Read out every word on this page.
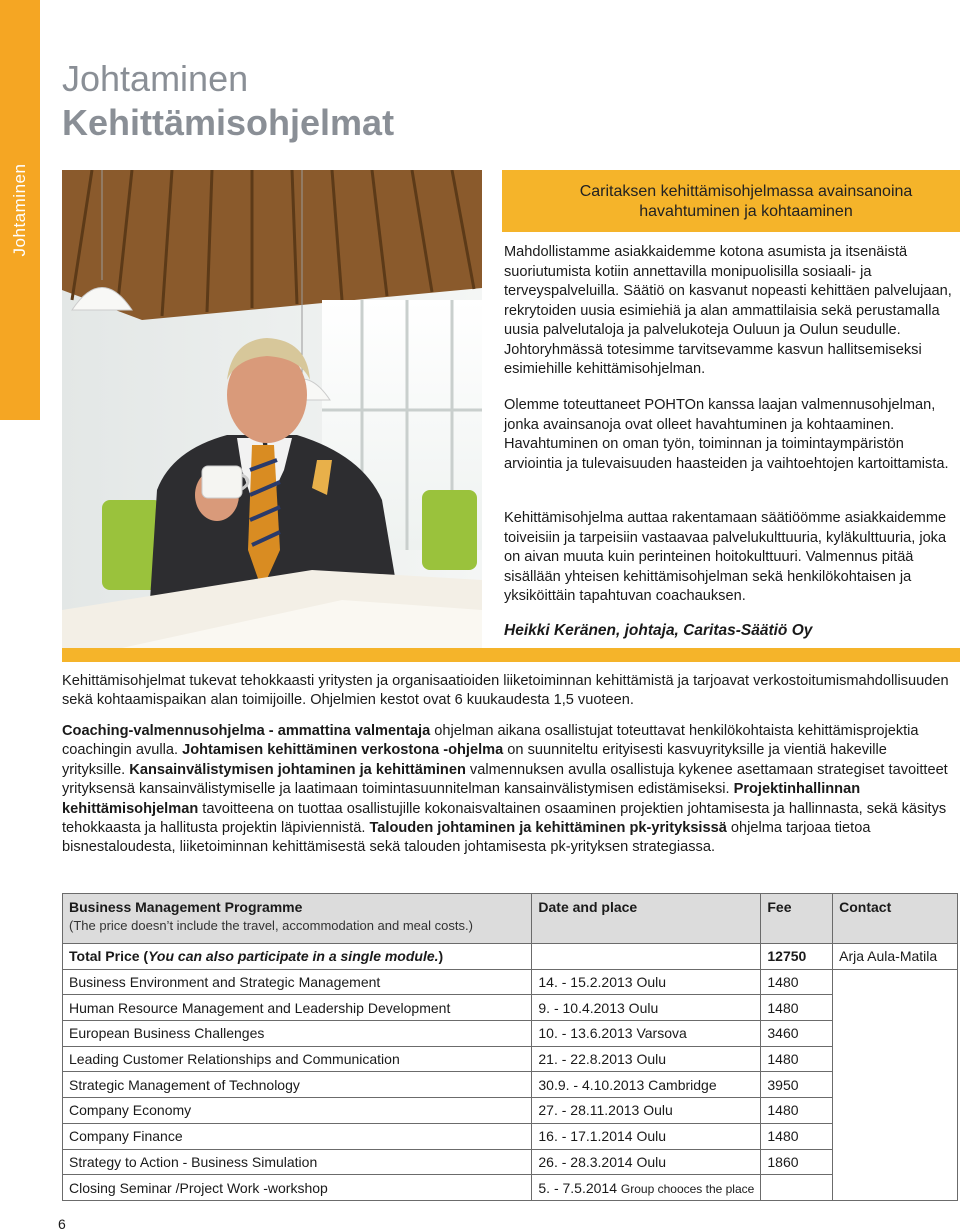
Johtaminen
Johtaminen
Kehittämisohjelmat

Caritaksen kehittämisohjelmassa avainsanoina havahtuminen ja kohtaaminen

Mahdollistamme asiakkaidemme kotona asumista ja itsenäistä suoriutumista kotiin annettavilla monipuolisilla sosiaali- ja terveyspalveluilla. Säätiö on kasvanut nopeasti kehittäen palvelujaan, rekrytoiden uusia esimiehiä ja alan ammattilaisia sekä perustamalla uusia palvelutaloja ja palvelukoteja Ouluun ja Oulun seudulle. Johtoryhmässä totesimme tarvitsevamme kasvun hallitsemiseksi esimiehille kehittämisohjelman.

Olemme toteuttaneet POHTOn kanssa laajan valmennusohjelman, jonka avainsanoja ovat olleet havahtuminen ja kohtaaminen. Havahtuminen on oman työn, toiminnan ja toimintaympäristön arviointia ja tulevaisuuden haasteiden ja vaihtoehtojen kartoittamista.

Kehittämisohjelma auttaa rakentamaan säätiöömme asiakkaidemme toiveisiin ja tarpeisiin vastaavaa palvelukulttuuria, kyläkulttuuria, joka on aivan muuta kuin perinteinen hoitokulttuuri. Valmennus pitää sisällään yhteisen kehittämisohjelman sekä henkilökohtaisen ja yksiköittäin tapahtuvan coachauksen.

Heikki Keränen, johtaja, Caritas-Säätiö Oy

Kehittämisohjelmat tukevat tehokkaasti yritysten ja organisaatioiden liiketoiminnan kehittämistä ja tarjoavat verkostoitumismahdollisuuden sekä kohtaamispaikan alan toimijoille. Ohjelmien kestot ovat 6 kuukaudesta 1,5 vuoteen.

Coaching-valmennusohjelma - ammattina valmentaja ohjelman aikana osallistujat toteuttavat henkilökohtaista kehittämisprojektia coachingin avulla. Johtamisen kehittäminen verkostona -ohjelma on suunniteltu erityisesti kasvuyrityksille ja vientiä hakeville yrityksille. Kansainvälistymisen johtaminen ja kehittäminen valmennuksen avulla osallistuja kykenee asettamaan strategiset tavoitteet yrityksensä kansainvälistymiselle ja laatimaan toimintasuunnitelman kansainvälistymisen edistämiseksi. Projektinhallinnan kehittämisohjelman tavoitteena on tuottaa osallistujille kokonaisvaltainen osaaminen projektien johtamisesta ja hallinnasta, sekä käsitys tehokkaasta ja hallitusta projektin läpiviennistä. Talouden johtaminen ja kehittäminen pk-yrityksissä ohjelma tarjoaa tietoa bisnestaloudesta, liiketoiminnan kehittämisestä sekä talouden johtamisesta pk-yrityksen strategiassa.

Business Management Programme
(The price doesn’t include the travel, accommodation and meal costs.)	Date and place	Fee	Contact
Total Price (You can also participate in a single module.)		12750	Arja Aula-Matila
Business Environment and Strategic Management	14. - 15.2.2013 Oulu	1480	
Human Resource Management and Leadership Development	9. - 10.4.2013 Oulu	1480	
European Business Challenges	10. - 13.6.2013 Varsova	3460	
Leading Customer Relationships and Communication	21. - 22.8.2013 Oulu	1480	
Strategic Management of Technology	30.9. - 4.10.2013 Cambridge	3950	
Company Economy	27. - 28.11.2013 Oulu	1480	
Company Finance	16. - 17.1.2014 Oulu	1480	
Strategy to Action - Business Simulation	26. - 28.3.2014 Oulu	1860	
Closing Seminar /Project Work -workshop	5. - 7.5.2014 Group chooces the place		
6
